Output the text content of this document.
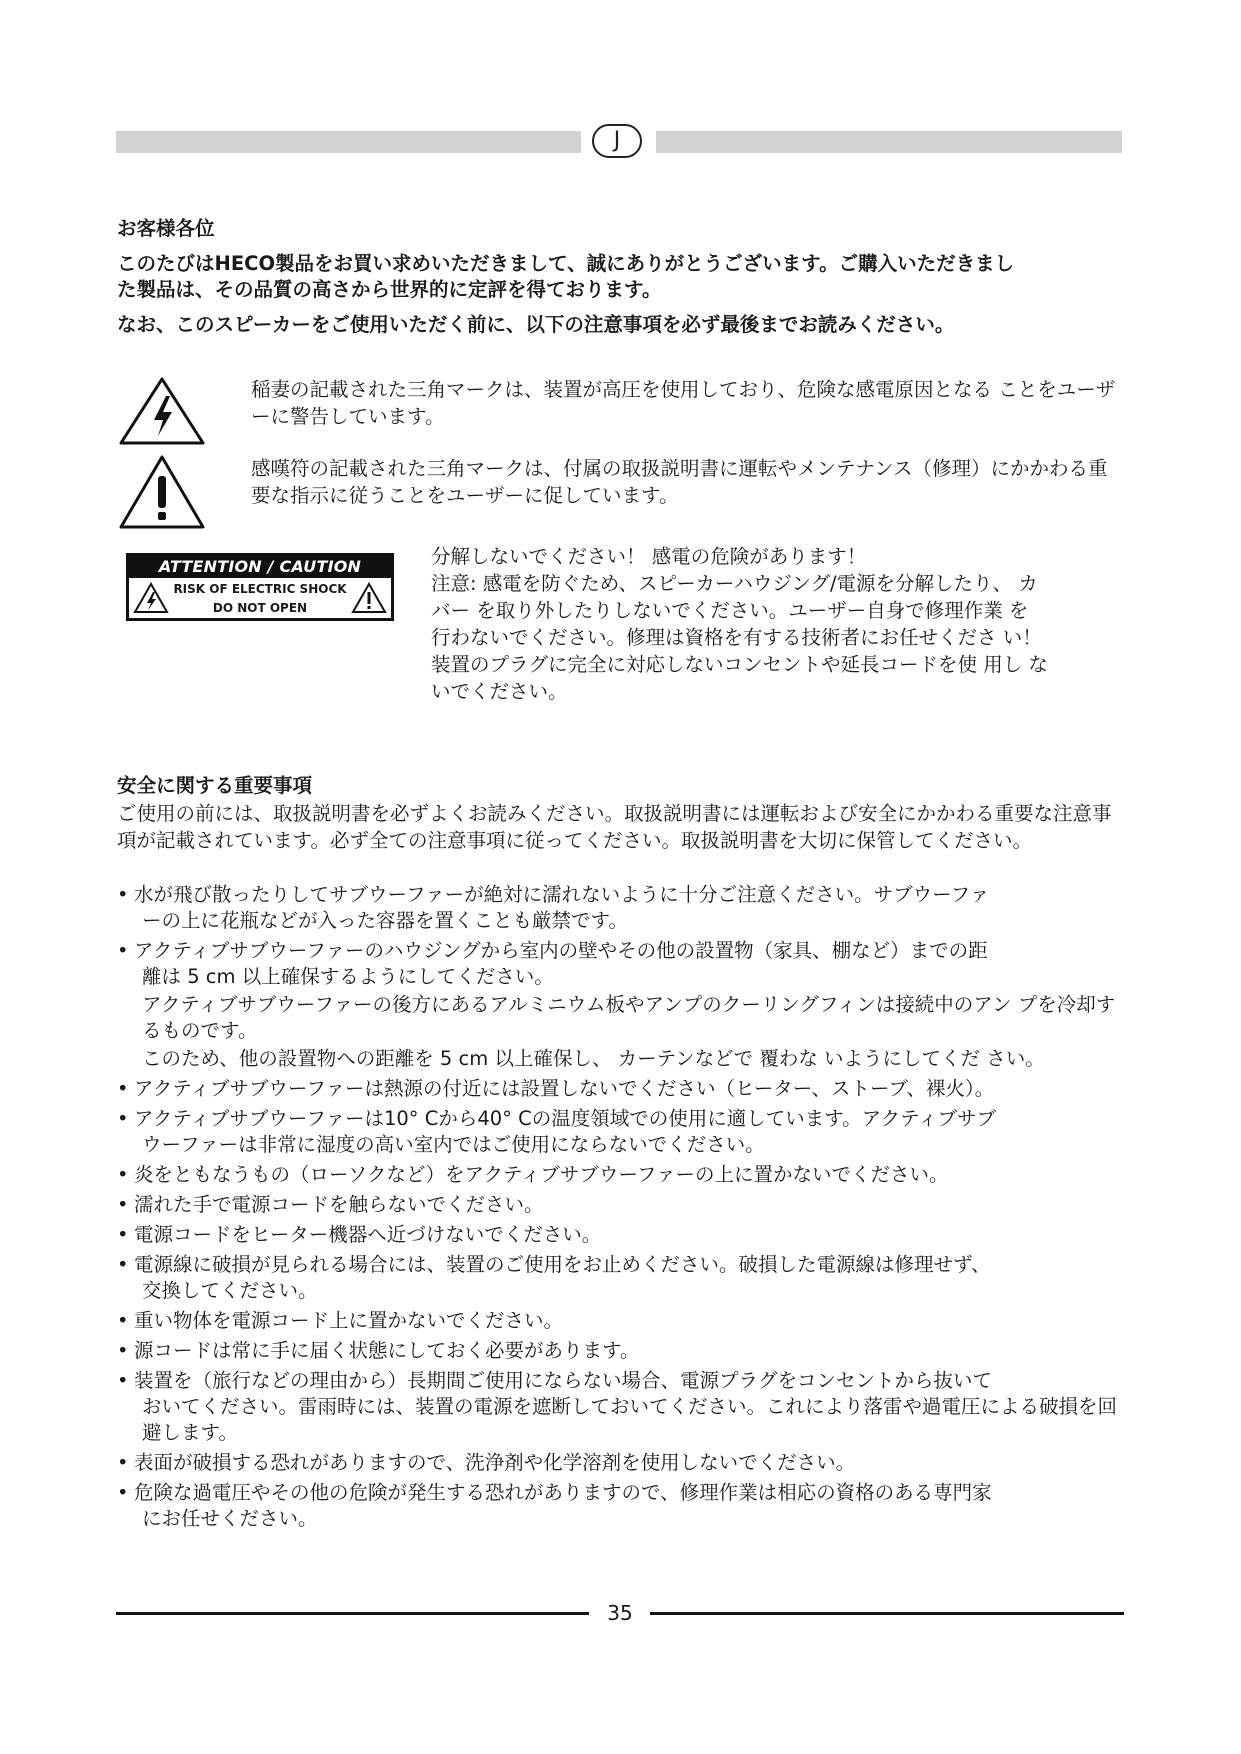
J
お客様各位
このたびはHECO製品をお買い求めいただきまして、誠にありがとうございます。ご購入いただきまし
た製品は、その品質の高さから世界的に定評を得ております。
なお、このスピーカーをご使用いただく前に、以下の注意事項を必ず最後までお読みください。
稲妻の記載された三角マークは、装置が高圧を使用しており、危険な感電原因となる ことをユーザーに警告しています。
感嘆符の記載された三角マークは、付属の取扱説明書に運転やメンテナンス（修理）にかかわる重要な指示に従うことをユーザーに促しています。
ATTENTION / CAUTION
RISK OF ELECTRIC SHOCK
DO NOT OPEN
分解しないでください！ 感電の危険があります！
注意: 感電を防ぐため、スピーカーハウジング/電源を分解したり、 カ
バー を取り外したりしないでください。ユーザー自身で修理作業 を
行わないでください。修理は資格を有する技術者にお任せくださ い！
装置のプラグに完全に対応しないコンセントや延長コードを使 用し な
いでください。
安全に関する重要事項
ご使用の前には、取扱説明書を必ずよくお読みください。取扱説明書には運転および安全にかかわる重要な注意事項が記載されています。必ず全ての注意事項に従ってください。取扱説明書を大切に保管してください。
• 水が飛び散ったりしてサブウーファーが絶対に濡れないように十分ご注意ください。サブウーファ
ーの上に花瓶などが入った容器を置くことも厳禁です。
• アクティブサブウーファーのハウジングから室内の壁やその他の設置物（家具、棚など）までの距
離は 5 cm 以上確保するようにしてください。
アクティブサブウーファーの後方にあるアルミニウム板やアンプのクーリングフィンは接続中のアン プを冷却するものです。
このため、他の設置物への距離を 5 cm 以上確保し、 カーテンなどで 覆わな いようにしてくだ さい。
• アクティブサブウーファーは熱源の付近には設置しないでください（ヒーター、ストーブ、裸火）。
• アクティブサブウーファーは10° Cから40° Cの温度領域での使用に適しています。アクティブサブ
ウーファーは非常に湿度の高い室内ではご使用にならないでください。
• 炎をともなうもの（ローソクなど）をアクティブサブウーファーの上に置かないでください。
• 濡れた手で電源コードを触らないでください。
• 電源コードをヒーター機器へ近づけないでください。
• 電源線に破損が見られる場合には、装置のご使用をお止めください。破損した電源線は修理せず、
交換してください。
• 重い物体を電源コード上に置かないでください。
• 源コードは常に手に届く状態にしておく必要があります。
• 装置を（旅行などの理由から）長期間ご使用にならない場合、電源プラグをコンセントから抜いて
おいてください。雷雨時には、装置の電源を遮断しておいてください。これにより落雷や過電圧による破損を回避します。
• 表面が破損する恐れがありますので、洗浄剤や化学溶剤を使用しないでください。
• 危険な過電圧やその他の危険が発生する恐れがありますので、修理作業は相応の資格のある専門家
にお任せください。
35
